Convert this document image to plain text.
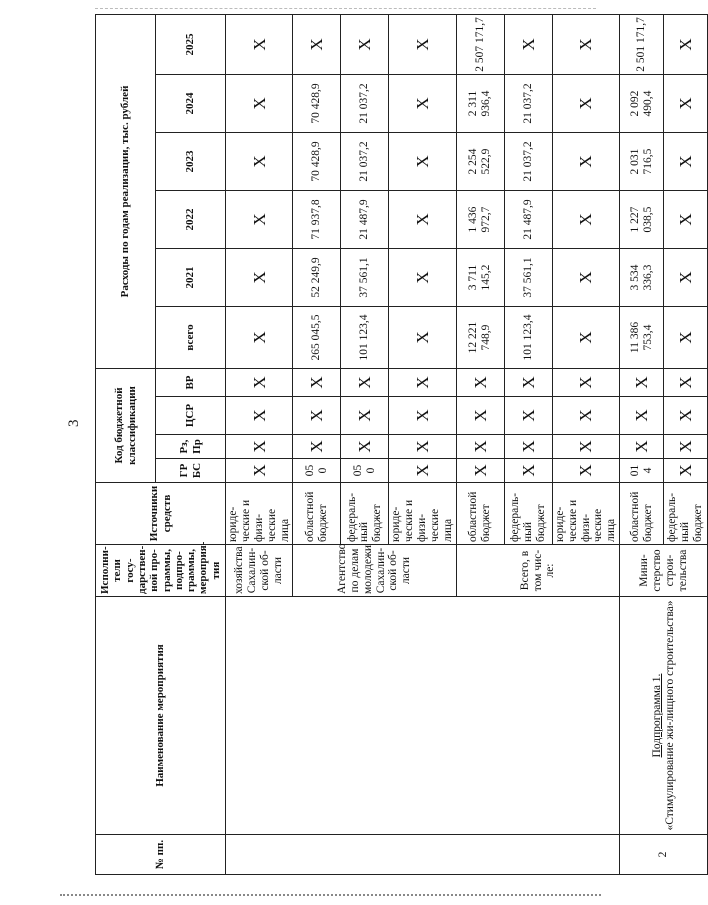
3
№ пп.	Наименование мероприятия	Исполни-тели госу-дарствен-ной про-граммы, подпро-граммы, мероприя-тия	Источники средств	Код бюджетной классификации				Расходы по годам реализации, тыс. рублей					
				ГР БС	Рз, Пр	ЦСР	ВР	всего	2021	2022	2023	2024	2025
		хозяйства Сахалин-ской об-ласти	юриде-ческие и физи-ческие лица	X	X	X	X	X	X	X	X	X	X
		Агентство по делам молодежи Сахалин-ской об-ласти	областной бюджет	05 0	X	X	X	265 045,5	52 249,9	71 937,8	70 428,9	70 428,9	X
			федераль-ный бюджет	05 0	X	X	X	101 123,4	37 561,1	21 487,9	21 037,2	21 037,2	X
			юриде-ческие и физи-ческие лица	X	X	X	X	X	X	X	X	X	X
		Всего, в том чис-ле:	областной бюджет	X	X	X	X	12 221 748,9	3 711 145,2	1 436 972,7	2 254 522,9	2 311 936,4	2 507 171,7
			федераль-ный бюджет	X	X	X	X	101 123,4	37 561,1	21 487,9	21 037,2	21 037,2	X
			юриде-ческие и физи-ческие лица	X	X	X	X	X	X	X	X	X	X
2	Подпрограмма 1. «Стимулирование жи-лищного строительства»	Мини-стерство строи-тельства	областной бюджет	01 4	X	X	X	11 386 753,4	3 534 336,3	1 227 038,5	2 031 716,5	2 092 490,4	2 501 171,7
			федераль-ный бюджет	X	X	X	X	X	X	X	X	X	X
